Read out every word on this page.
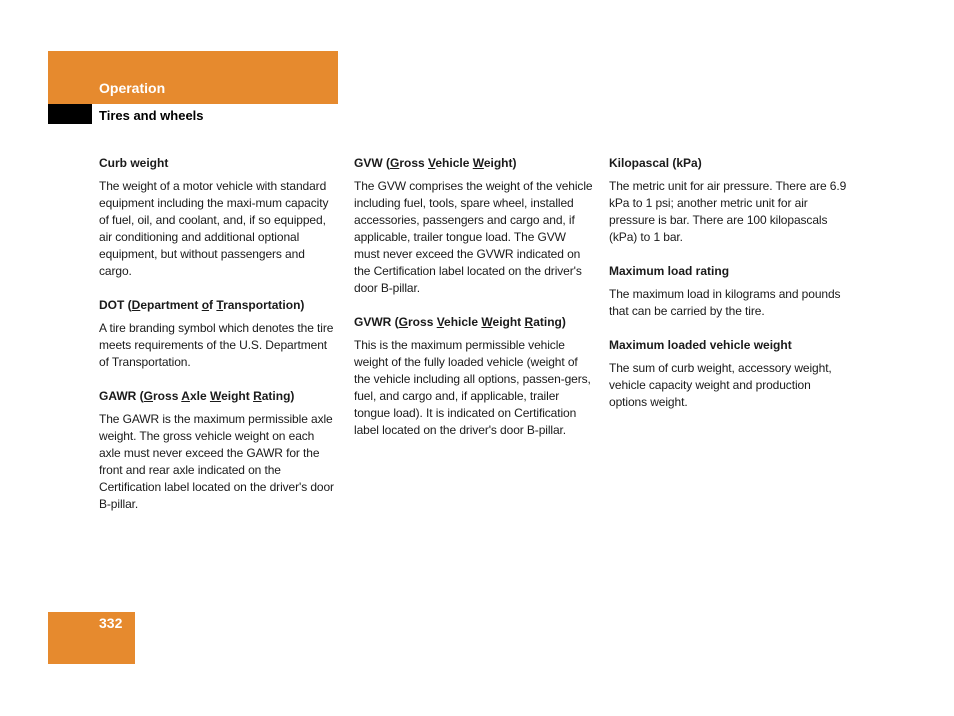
Operation
Tires and wheels
Curb weight

The weight of a motor vehicle with standard equipment including the maxi-mum capacity of fuel, oil, and coolant, and, if so equipped, air conditioning and additional optional equipment, but without passengers and cargo.

DOT (Department of Transportation)

A tire branding symbol which denotes the tire meets requirements of the U.S. Department of Transportation.

GAWR (Gross Axle Weight Rating)

The GAWR is the maximum permissible axle weight. The gross vehicle weight on each axle must never exceed the GAWR for the front and rear axle indicated on the Certification label located on the driver's door B-pillar.

GVW (Gross Vehicle Weight)

The GVW comprises the weight of the vehicle including fuel, tools, spare wheel, installed accessories, passengers and cargo and, if applicable, trailer tongue load. The GVW must never exceed the GVWR indicated on the Certification label located on the driver's door B-pillar.

GVWR (Gross Vehicle Weight Rating)

This is the maximum permissible vehicle weight of the fully loaded vehicle (weight of the vehicle including all options, passen-gers, fuel, and cargo and, if applicable, trailer tongue load). It is indicated on Certification label located on the driver's door B-pillar.

Kilopascal (kPa)

The metric unit for air pressure. There are 6.9 kPa to 1 psi; another metric unit for air pressure is bar. There are 100 kilopascals (kPa) to 1 bar.

Maximum load rating

The maximum load in kilograms and pounds that can be carried by the tire.

Maximum loaded vehicle weight

The sum of curb weight, accessory weight, vehicle capacity weight and production options weight.

332
